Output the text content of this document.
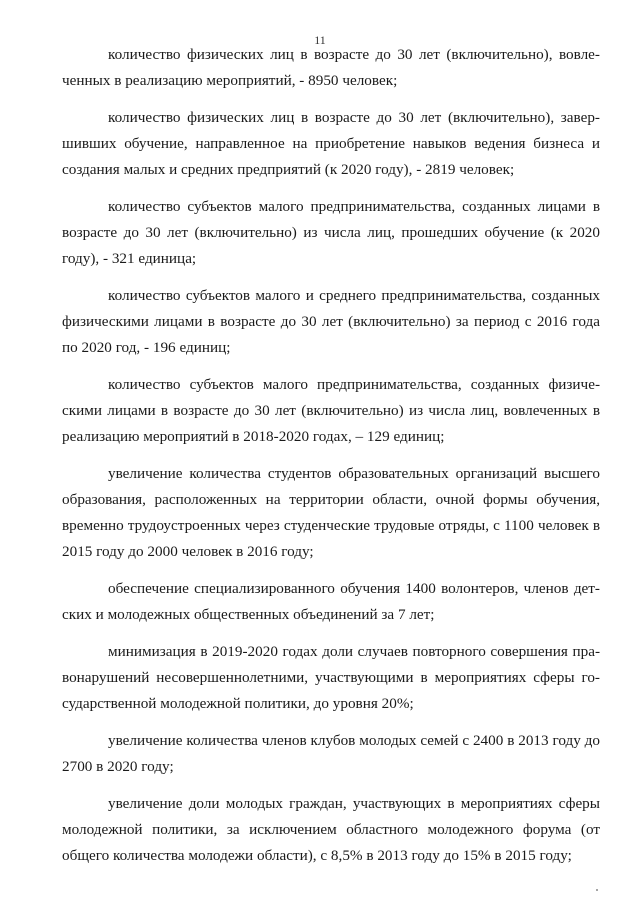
11

количество физических лиц в возрасте до 30 лет (включительно), вовле-ченных в реализацию мероприятий, - 8950 человек;

количество физических лиц в возрасте до 30 лет (включительно), завер-шивших обучение, направленное на приобретение навыков ведения бизнеса и создания малых и средних предприятий (к 2020 году), - 2819 человек;

количество субъектов малого предпринимательства, созданных лицами в возрасте до 30 лет (включительно) из числа лиц, прошедших обучение (к 2020 году), - 321 единица;

количество субъектов малого и среднего предпринимательства, созданных физическими лицами в возрасте до 30 лет (включительно) за период с 2016 года по 2020 год, - 196 единиц;

количество субъектов малого предпринимательства, созданных физиче-скими лицами в возрасте до 30 лет (включительно) из числа лиц, вовлеченных в реализацию мероприятий в 2018-2020 годах, – 129 единиц;

увеличение количества студентов образовательных организаций высшего образования, расположенных на территории области, очной формы обучения, временно трудоустроенных через студенческие трудовые отряды, с 1100 человек в 2015 году до 2000 человек в 2016 году;

обеспечение специализированного обучения 1400 волонтеров, членов дет-ских и молодежных общественных объединений за 7 лет;

минимизация в 2019-2020 годах доли случаев повторного совершения пра-вонарушений несовершеннолетними, участвующими в мероприятиях сферы го-сударственной молодежной политики, до уровня 20%;

увеличение количества членов клубов молодых семей с 2400 в 2013 году до 2700 в 2020 году;

увеличение доли молодых граждан, участвующих в мероприятиях сферы молодежной политики, за исключением областного молодежного форума (от общего количества молодежи области), с 8,5% в 2013 году до 15% в 2015 году;
